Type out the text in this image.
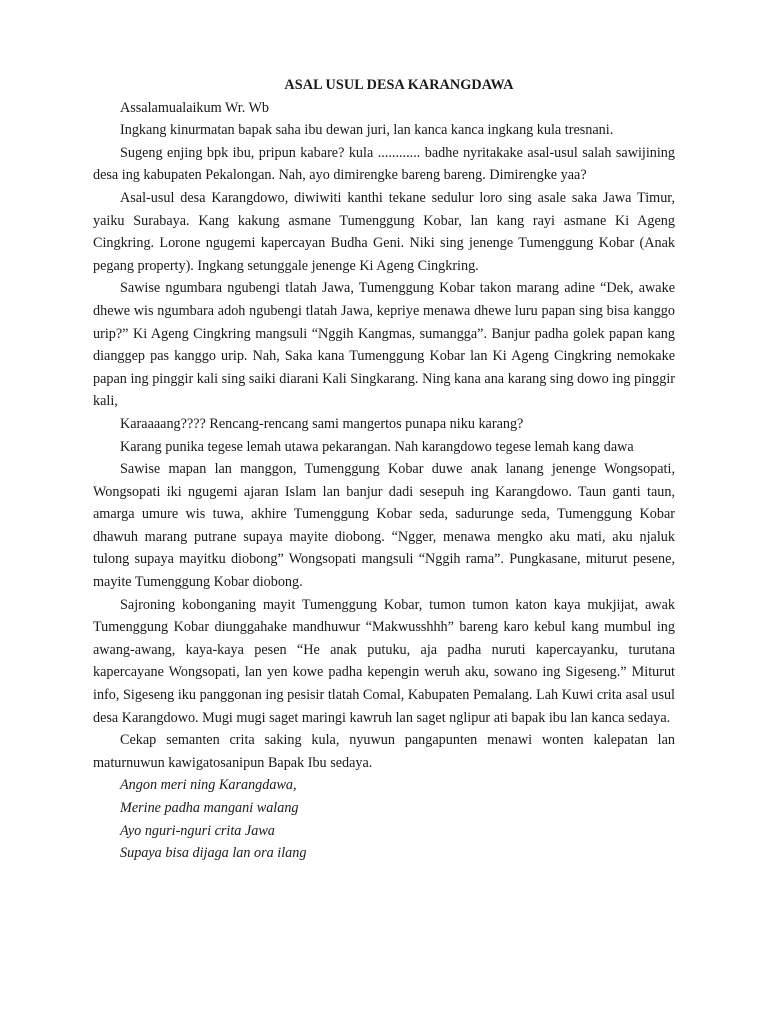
ASAL USUL DESA KARANGDAWA

Assalamualaikum Wr. Wb

Ingkang kinurmatan bapak saha ibu dewan juri, lan kanca kanca ingkang kula tresnani.

Sugeng enjing bpk ibu, pripun kabare? kula ............ badhe nyritakake asal-usul salah sawijining desa ing kabupaten Pekalongan. Nah, ayo dimirengke bareng bareng. Dimirengke yaa?

Asal-usul desa Karangdowo, diwiwiti kanthi tekane sedulur loro sing asale saka Jawa Timur, yaiku Surabaya. Kang kakung asmane Tumenggung Kobar, lan kang rayi asmane Ki Ageng Cingkring. Lorone ngugemi kapercayan Budha Geni. Niki sing jenenge Tumenggung Kobar (Anak pegang property). Ingkang setunggale jenenge Ki Ageng Cingkring.

Sawise ngumbara ngubengi tlatah Jawa, Tumenggung Kobar takon marang adine “Dek, awake dhewe wis ngumbara adoh ngubengi tlatah Jawa, kepriye menawa dhewe luru papan sing bisa kanggo urip?” Ki Ageng Cingkring mangsuli “Nggih Kangmas, sumangga”. Banjur padha golek papan kang dianggep pas kanggo urip. Nah, Saka kana Tumenggung Kobar lan Ki Ageng Cingkring nemokake papan ing pinggir kali sing saiki diarani Kali Singkarang. Ning kana ana karang sing dowo ing pinggir kali,

Karaaaang???? Rencang-rencang sami mangertos punapa niku karang?

Karang punika tegese lemah utawa pekarangan. Nah karangdowo tegese lemah kang dawa

Sawise mapan lan manggon, Tumenggung Kobar duwe anak lanang jenenge Wongsopati, Wongsopati iki ngugemi ajaran Islam lan banjur dadi sesepuh ing Karangdowo. Taun ganti taun, amarga umure wis tuwa, akhire Tumenggung Kobar seda, sadurunge seda, Tumenggung Kobar dhawuh marang putrane supaya mayite diobong. “Ngger, menawa mengko aku mati, aku njaluk tulong supaya mayitku diobong” Wongsopati mangsuli “Nggih rama”. Pungkasane, miturut pesene, mayite Tumenggung Kobar diobong.

Sajroning kobonganing mayit Tumenggung Kobar, tumon tumon katon kaya mukjijat, awak Tumenggung Kobar diunggahake mandhuwur “Makwusshhh” bareng karo kebul kang mumbul ing awang-awang, kaya-kaya pesen “He anak putuku, aja padha nuruti kapercayanku, turutana kapercayane Wongsopati, lan yen kowe padha kepengin weruh aku, sowano ing Sigeseng.” Miturut info, Sigeseng iku panggonan ing pesisir tlatah Comal, Kabupaten Pemalang. Lah Kuwi crita asal usul desa Karangdowo. Mugi mugi saget maringi kawruh lan saget nglipur ati bapak ibu lan kanca sedaya.

Cekap semanten crita saking kula, nyuwun pangapunten menawi wonten kalepatan lan maturnuwun kawigatosanipun Bapak Ibu sedaya.

Angon meri ning Karangdawa,

Merine padha mangani walang

Ayo nguri-nguri crita Jawa

Supaya bisa dijaga lan ora ilang
